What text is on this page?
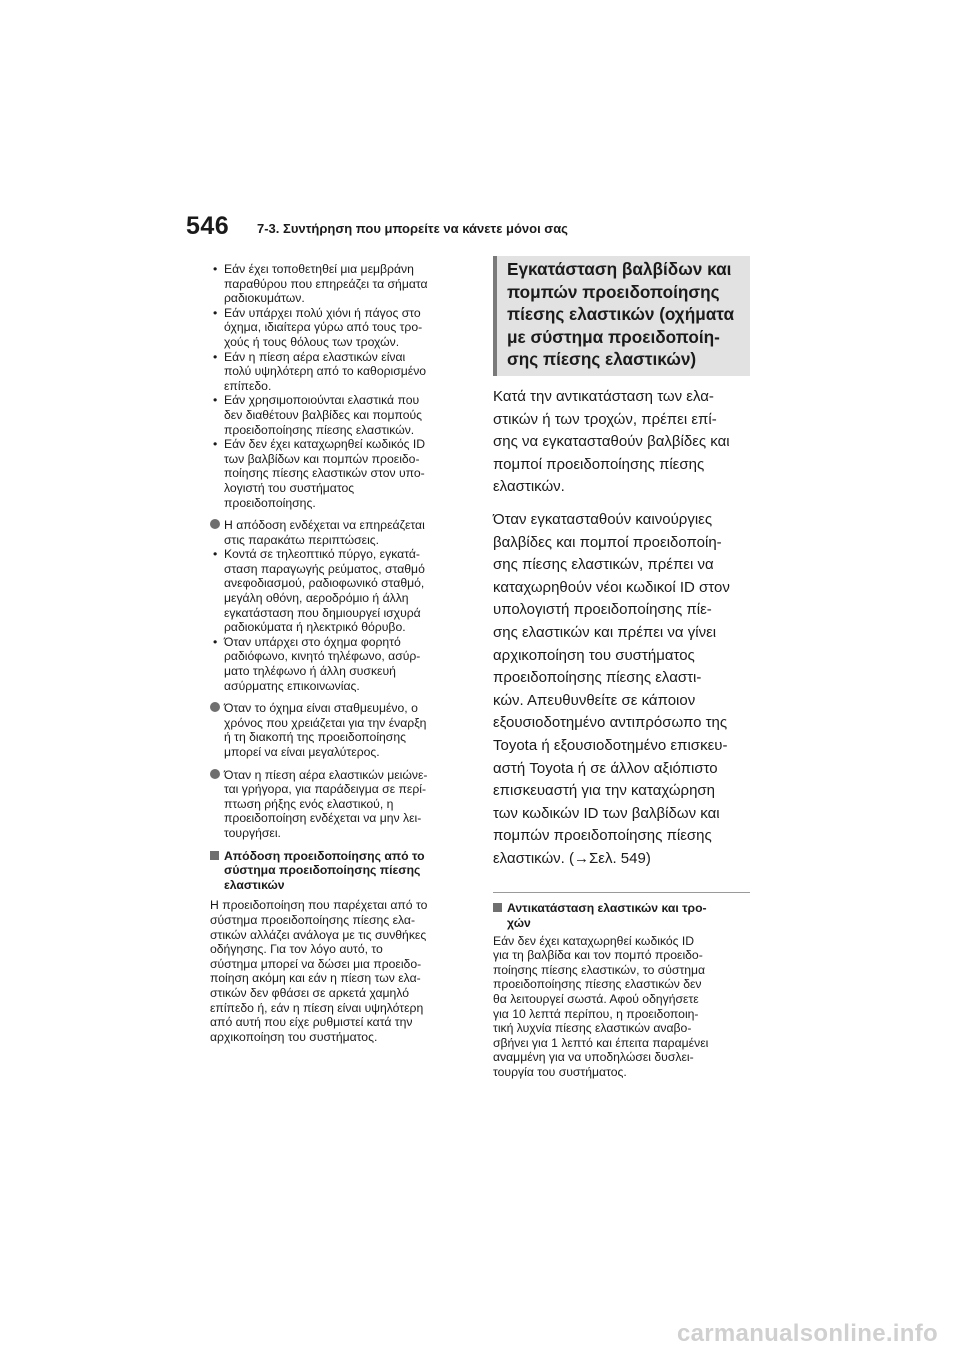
546 7-3. Συντήρηση που μπορείτε να κάνετε μόνοι σας
• Εάν έχει τοποθετηθεί μια μεμβράνη
παραθύρου που επηρεάζει τα σήματα
ραδιοκυμάτων.
• Εάν υπάρχει πολύ χιόνι ή πάγος στο
όχημα, ιδιαίτερα γύρω από τους τρο-
χούς ή τους θόλους των τροχών.
• Εάν η πίεση αέρα ελαστικών είναι
πολύ υψηλότερη από το καθορισμένο
επίπεδο.
• Εάν χρησιμοποιούνται ελαστικά που
δεν διαθέτουν βαλβίδες και πομπούς
προειδοποίησης πίεσης ελαστικών.
• Εάν δεν έχει καταχωρηθεί κωδικός ID
των βαλβίδων και πομπών προειδο-
ποίησης πίεσης ελαστικών στον υπο-
λογιστή του συστήματος
προειδοποίησης.
Η απόδοση ενδέχεται να επηρεάζεται
στις παρακάτω περιπτώσεις.
• Κοντά σε τηλεοπτικό πύργο, εγκατά-
σταση παραγωγής ρεύματος, σταθμό
ανεφοδιασμού, ραδιοφωνικό σταθμό,
μεγάλη οθόνη, αεροδρόμιο ή άλλη
εγκατάσταση που δημιουργεί ισχυρά
ραδιοκύματα ή ηλεκτρικό θόρυβο.
• Όταν υπάρχει στο όχημα φορητό
ραδιόφωνο, κινητό τηλέφωνο, ασύρ-
ματο τηλέφωνο ή άλλη συσκευή
ασύρματης επικοινωνίας.
Όταν το όχημα είναι σταθμευμένο, ο
χρόνος που χρειάζεται για την έναρξη
ή τη διακοπή της προειδοποίησης
μπορεί να είναι μεγαλύτερος.
Όταν η πίεση αέρα ελαστικών μειώνε-
ται γρήγορα, για παράδειγμα σε περί-
πτωση ρήξης ενός ελαστικού, η
προειδοποίηση ενδέχεται να μην λει-
τουργήσει.
Απόδοση προειδοποίησης από το
σύστημα προειδοποίησης πίεσης
ελαστικών
Η προειδοποίηση που παρέχεται από το
σύστημα προειδοποίησης πίεσης ελα-
στικών αλλάζει ανάλογα με τις συνθήκες
οδήγησης. Για τον λόγο αυτό, το
σύστημα μπορεί να δώσει μια προειδο-
ποίηση ακόμη και εάν η πίεση των ελα-
στικών δεν φθάσει σε αρκετά χαμηλό
επίπεδο ή, εάν η πίεση είναι υψηλότερη
από αυτή που είχε ρυθμιστεί κατά την
αρχικοποίηση του συστήματος.
Εγκατάσταση βαλβίδων και
πομπών προειδοποίησης
πίεσης ελαστικών (οχήματα
με σύστημα προειδοποίη-
σης πίεσης ελαστικών)
Κατά την αντικατάσταση των ελα-
στικών ή των τροχών, πρέπει επί-
σης να εγκατασταθούν βαλβίδες και
πομποί προειδοποίησης πίεσης
ελαστικών.
Όταν εγκατασταθούν καινούργιες
βαλβίδες και πομποί προειδοποίη-
σης πίεσης ελαστικών, πρέπει να
καταχωρηθούν νέοι κωδικοί ID στον
υπολογιστή προειδοποίησης πίε-
σης ελαστικών και πρέπει να γίνει
αρχικοποίηση του συστήματος
προειδοποίησης πίεσης ελαστι-
κών. Απευθυνθείτε σε κάποιον
εξουσιοδοτημένο αντιπρόσωπο της
Toyota ή εξουσιοδοτημένο επισκευ-
αστή Toyota ή σε άλλον αξιόπιστο
επισκευαστή για την καταχώρηση
των κωδικών ID των βαλβίδων και
πομπών προειδοποίησης πίεσης
ελαστικών. (→Σελ. 549)
Αντικατάσταση ελαστικών και τρο-
χών
Εάν δεν έχει καταχωρηθεί κωδικός ID
για τη βαλβίδα και τον πομπό προειδο-
ποίησης πίεσης ελαστικών, το σύστημα
προειδοποίησης πίεσης ελαστικών δεν
θα λειτουργεί σωστά. Αφού οδηγήσετε
για 10 λεπτά περίπου, η προειδοποιη-
τική λυχνία πίεσης ελαστικών αναβο-
σβήνει για 1 λεπτό και έπειτα παραμένει
αναμμένη για να υποδηλώσει δυσλει-
τουργία του συστήματος.
carmanualsonline.info
